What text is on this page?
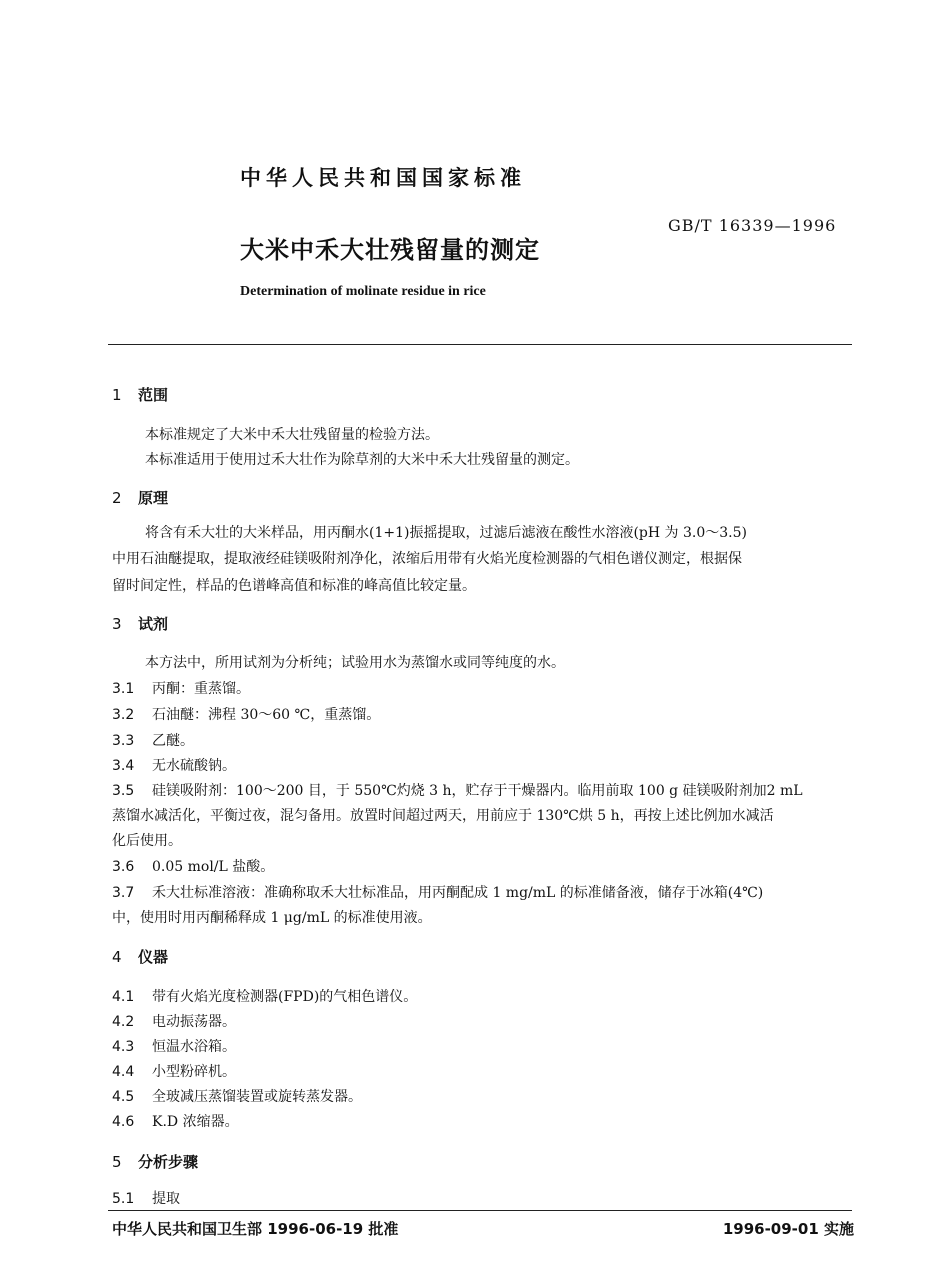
中华人民共和国国家标准
GB/T 16339—1996
大米中禾大壮残留量的测定
Determination of molinate residue in rice
1 范围
本标准规定了大米中禾大壮残留量的检验方法。
本标准适用于使用过禾大壮作为除草剂的大米中禾大壮残留量的测定。
2 原理
将含有禾大壮的大米样品，用丙酮水(1+1)振摇提取，过滤后滤液在酸性水溶液(pH 为 3.0～3.5)
中用石油醚提取，提取液经硅镁吸附剂净化，浓缩后用带有火焰光度检测器的气相色谱仪测定，根据保
留时间定性，样品的色谱峰高值和标准的峰高值比较定量。
3 试剂
本方法中，所用试剂为分析纯；试验用水为蒸馏水或同等纯度的水。
3.1 丙酮：重蒸馏。
3.2 石油醚：沸程 30～60 ℃，重蒸馏。
3.3 乙醚。
3.4 无水硫酸钠。
3.5 硅镁吸附剂：100～200 目，于 550℃灼烧 3 h，贮存于干燥器内。临用前取 100 g 硅镁吸附剂加2 mL
蒸馏水减活化，平衡过夜，混匀备用。放置时间超过两天，用前应于 130℃烘 5 h，再按上述比例加水减活
化后使用。
3.6 0.05 mol/L 盐酸。
3.7 禾大壮标准溶液：准确称取禾大壮标准品，用丙酮配成 1 mg/mL 的标准储备液，储存于冰箱(4℃)
中，使用时用丙酮稀释成 1 μg/mL 的标准使用液。
4 仪器
4.1 带有火焰光度检测器(FPD)的气相色谱仪。
4.2 电动振荡器。
4.3 恒温水浴箱。
4.4 小型粉碎机。
4.5 全玻减压蒸馏装置或旋转蒸发器。
4.6 K.D 浓缩器。
5 分析步骤
5.1 提取
中华人民共和国卫生部 1996-06-19 批准	1996-09-01 实施
